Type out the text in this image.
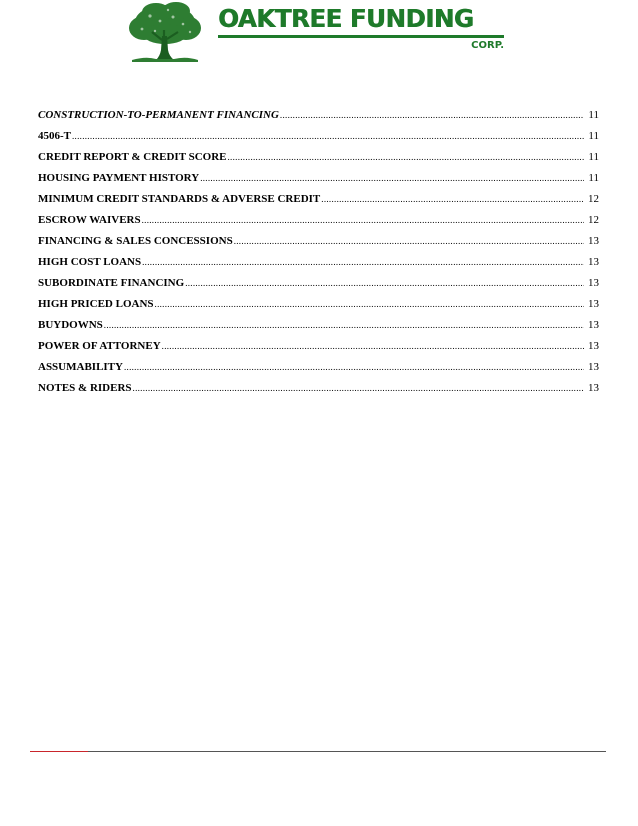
OAKTREE FUNDING
CORP.
CONSTRUCTION-TO-PERMANENT FINANCING .....	11
4506-T .....	11
CREDIT REPORT & CREDIT SCORE .....	11
HOUSING PAYMENT HISTORY .....	11
MINIMUM CREDIT STANDARDS & ADVERSE CREDIT .....	12
ESCROW WAIVERS .....	12
FINANCING & SALES CONCESSIONS .....	13
HIGH COST LOANS .....	13
SUBORDINATE FINANCING .....	13
HIGH PRICED LOANS .....	13
BUYDOWNS .....	13
POWER OF ATTORNEY .....	13
ASSUMABILITY .....	13
NOTES & RIDERS .....	13
